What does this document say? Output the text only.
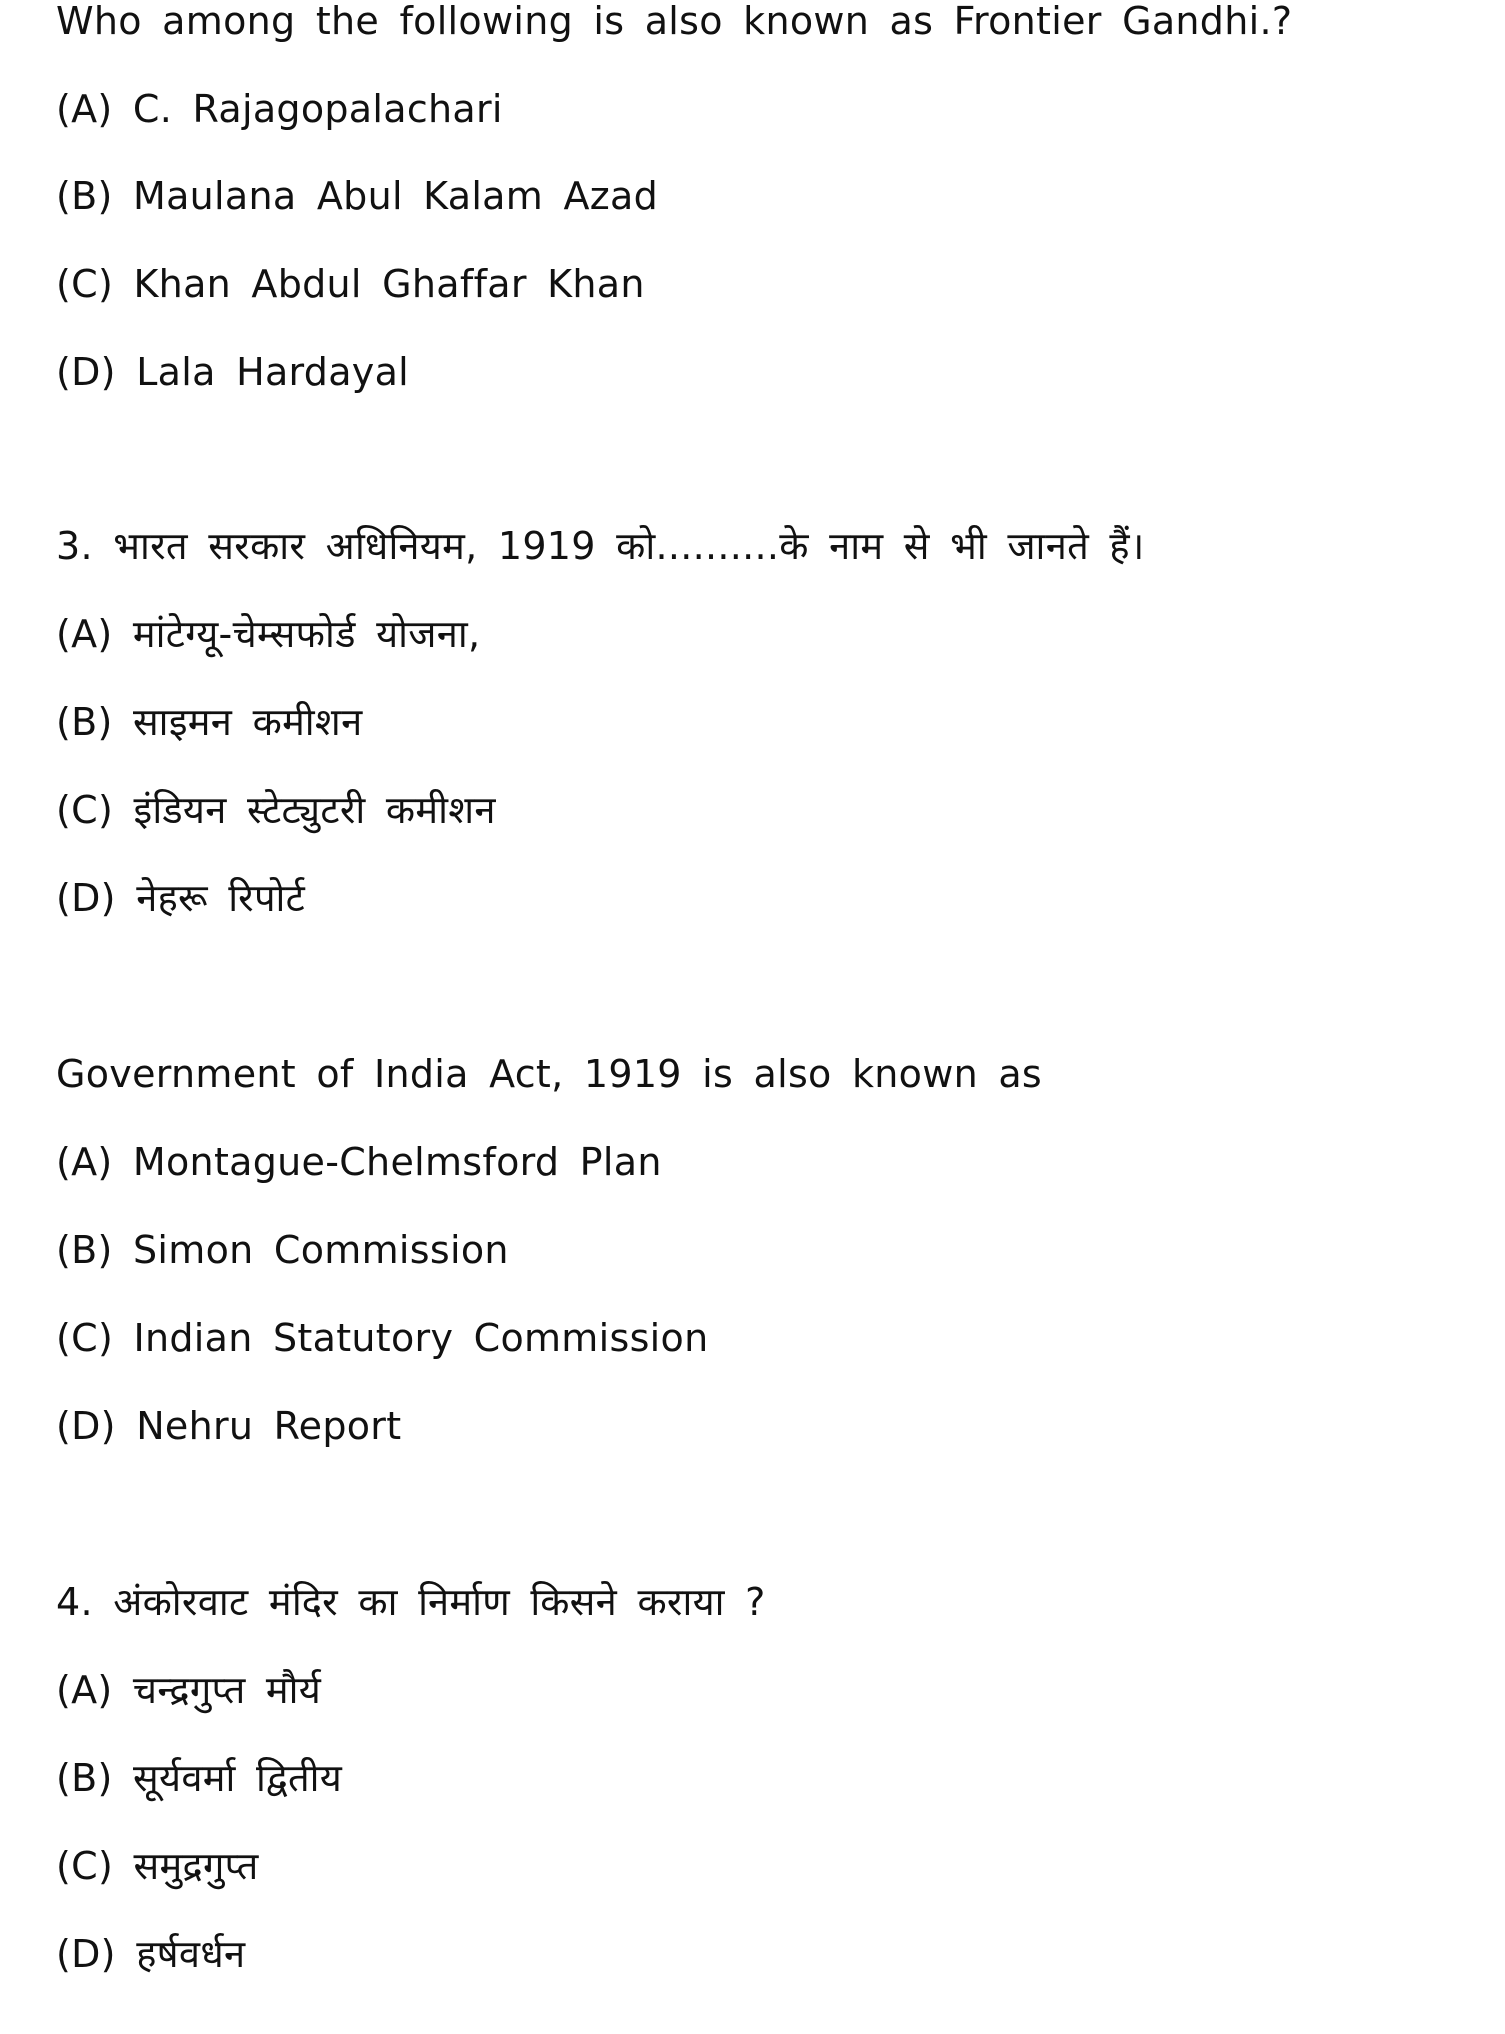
Who among the following is also known as Frontier Gandhi.?
(A) C. Rajagopalachari
(B) Maulana Abul Kalam Azad
(C) Khan Abdul Ghaffar Khan
(D) Lala Hardayal
3. भारत सरकार अधिनियम, 1919 को..........के नाम से भी जानते हैं।
(A) मांटेग्यू-चेम्सफोर्ड योजना,
(B) साइमन कमीशन
(C) इंडियन स्टेट्युटरी कमीशन
(D) नेहरू रिपोर्ट
Government of India Act, 1919 is also known as
(A) Montague-Chelmsford Plan
(B) Simon Commission
(C) Indian Statutory Commission
(D) Nehru Report
4. अंकोरवाट मंदिर का निर्माण किसने कराया ?
(A) चन्द्रगुप्त मौर्य
(B) सूर्यवर्मा द्वितीय
(C) समुद्रगुप्त
(D) हर्षवर्धन
